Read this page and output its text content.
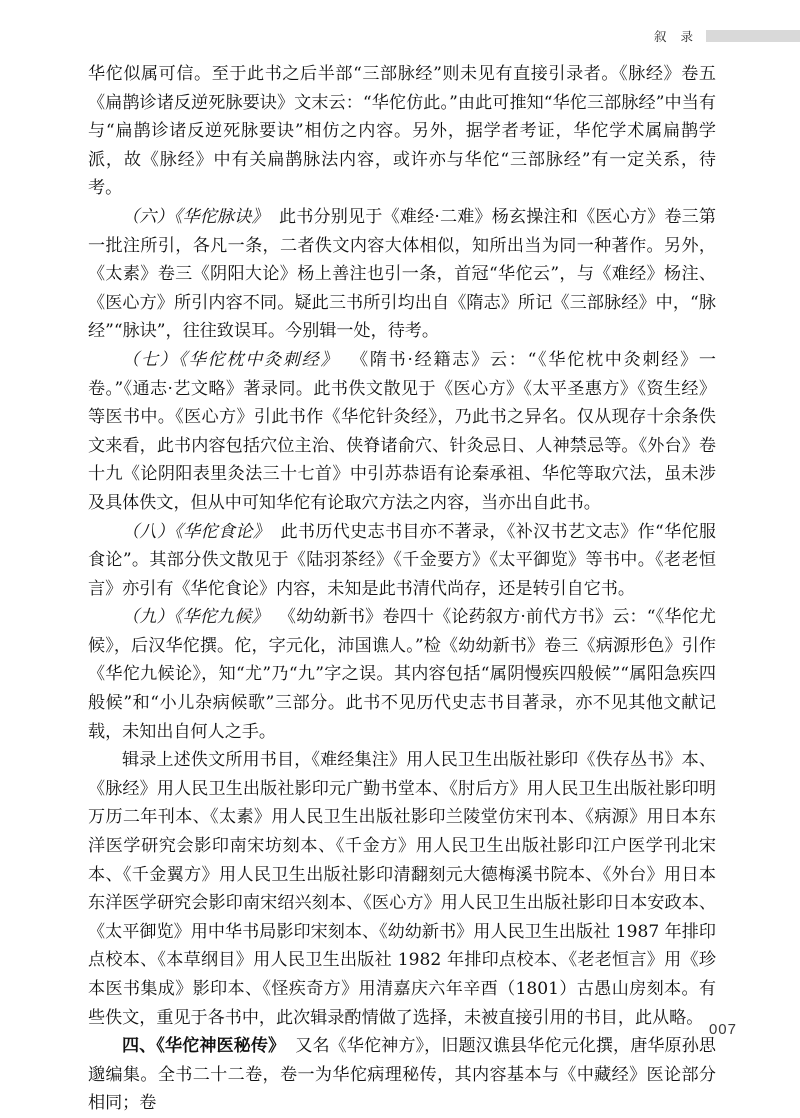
叙 录

华佗似属可信。至于此书之后半部“三部脉经”则未见有直接引录者。《脉经》卷五《扁鹊诊诸反逆死脉要诀》文末云：“华佗仿此。”由此可推知“华佗三部脉经”中当有与“扁鹊诊诸反逆死脉要诀”相仿之内容。另外，据学者考证，华佗学术属扁鹊学派，故《脉经》中有关扁鹊脉法内容，或许亦与华佗“三部脉经”有一定关系，待考。

（六）《华佗脉诀》 此书分别见于《难经·二难》杨玄操注和《医心方》卷三第一批注所引，各凡一条，二者佚文内容大体相似，知所出当为同一种著作。另外，《太素》卷三《阴阳大论》杨上善注也引一条，首冠“华佗云”，与《难经》杨注、《医心方》所引内容不同。疑此三书所引均出自《隋志》所记《三部脉经》中，“脉经”“脉诀”，往往致误耳。今别辑一处，待考。

（七）《华佗枕中灸刺经》 《隋书·经籍志》云：“《华佗枕中灸刺经》一卷。”《通志·艺文略》著录同。此书佚文散见于《医心方》《太平圣惠方》《资生经》等医书中。《医心方》引此书作《华佗针灸经》，乃此书之异名。仅从现存十余条佚文来看，此书内容包括穴位主治、侠脊诸俞穴、针灸忌日、人神禁忌等。《外台》卷十九《论阴阳表里灸法三十七首》中引苏恭语有论秦承祖、华佗等取穴法，虽未涉及具体佚文，但从中可知华佗有论取穴方法之内容，当亦出自此书。

（八）《华佗食论》 此书历代史志书目亦不著录，《补汉书艺文志》作“华佗服食论”。其部分佚文散见于《陆羽茶经》《千金要方》《太平御览》等书中。《老老恒言》亦引有《华佗食论》内容，未知是此书清代尚存，还是转引自它书。

（九）《华佗九候》 《幼幼新书》卷四十《论药叙方·前代方书》云：“《华佗尤候》，后汉华佗撰。佗，字元化，沛国谯人。”检《幼幼新书》卷三《病源形色》引作《华佗九候论》，知“尤”乃“九”字之误。其内容包括“属阴慢疾四般候”“属阳急疾四般候”和“小儿杂病候歌”三部分。此书不见历代史志书目著录，亦不见其他文献记载，未知出自何人之手。

辑录上述佚文所用书目，《难经集注》用人民卫生出版社影印《佚存丛书》本、《脉经》用人民卫生出版社影印元广勤书堂本、《肘后方》用人民卫生出版社影印明万历二年刊本、《太素》用人民卫生出版社影印兰陵堂仿宋刊本、《病源》用日本东洋医学研究会影印南宋坊刻本、《千金方》用人民卫生出版社影印江户医学刊北宋本、《千金翼方》用人民卫生出版社影印清翻刻元大德梅溪书院本、《外台》用日本东洋医学研究会影印南宋绍兴刻本、《医心方》用人民卫生出版社影印日本安政本、《太平御览》用中华书局影印宋刻本、《幼幼新书》用人民卫生出版社 1987 年排印点校本、《本草纲目》用人民卫生出版社 1982 年排印点校本、《老老恒言》用《珍本医书集成》影印本、《怪疾奇方》用清嘉庆六年辛酉（1801）古愚山房刻本。有些佚文，重见于各书中，此次辑录酌情做了选择，未被直接引用的书目，此从略。

四、《华佗神医秘传》 又名《华佗神方》，旧题汉谯县华佗元化撰，唐华原孙思邈编集。全书二十二卷，卷一为华佗病理秘传，其内容基本与《中藏经》医论部分相同；卷

007
